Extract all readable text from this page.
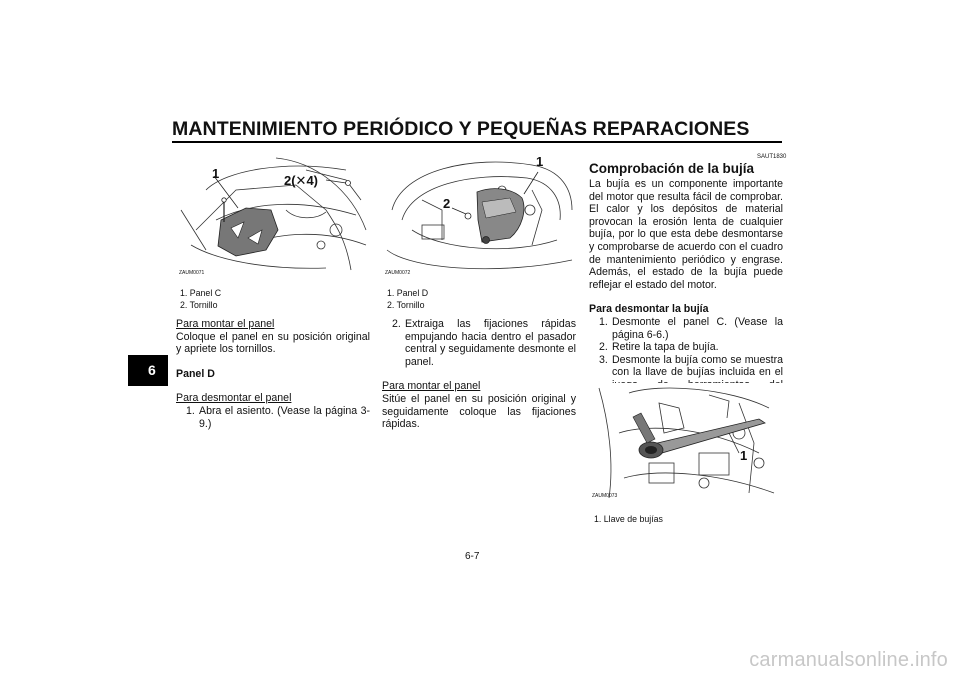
MANTENIMIENTO PERIÓDICO Y PEQUEÑAS REPARACIONES
6
1	2(✕4)
ZAUM0071
1. Panel C
2. Tornillo
Para montar el panel
Coloque el panel en su posición original y apriete los tornillos.
Panel D
Para desmontar el panel
1. Abra el asiento. (Vease la página 3-9.)
1
2
ZAUM0072
1. Panel D
2. Tornillo
2. Extraiga las fijaciones rápidas empujando hacia dentro el pasador central y seguidamente desmonte el panel.
Para montar el panel
Sitúe el panel en su posición original y seguidamente coloque las fijaciones rápidas.
SAUT1830
Comprobación de la bujía
La bujía es un componente importante del motor que resulta fácil de comprobar. El calor y los depósitos de material provocan la erosión lenta de cualquier bujía, por lo que esta debe desmontarse y comprobarse de acuerdo con el cuadro de mantenimiento periódico y engrase. Además, el estado de la bujía puede reflejar el estado del motor.
Para desmontar la bujía
1. Desmonte el panel C. (Vease la página 6-6.)
2. Retire la tapa de bujía.
3. Desmonte la bujía como se muestra con la llave de bujías incluida en el
1
ZAUM0073
1. Llave de bujías
6-7
carmanualsonline.info
